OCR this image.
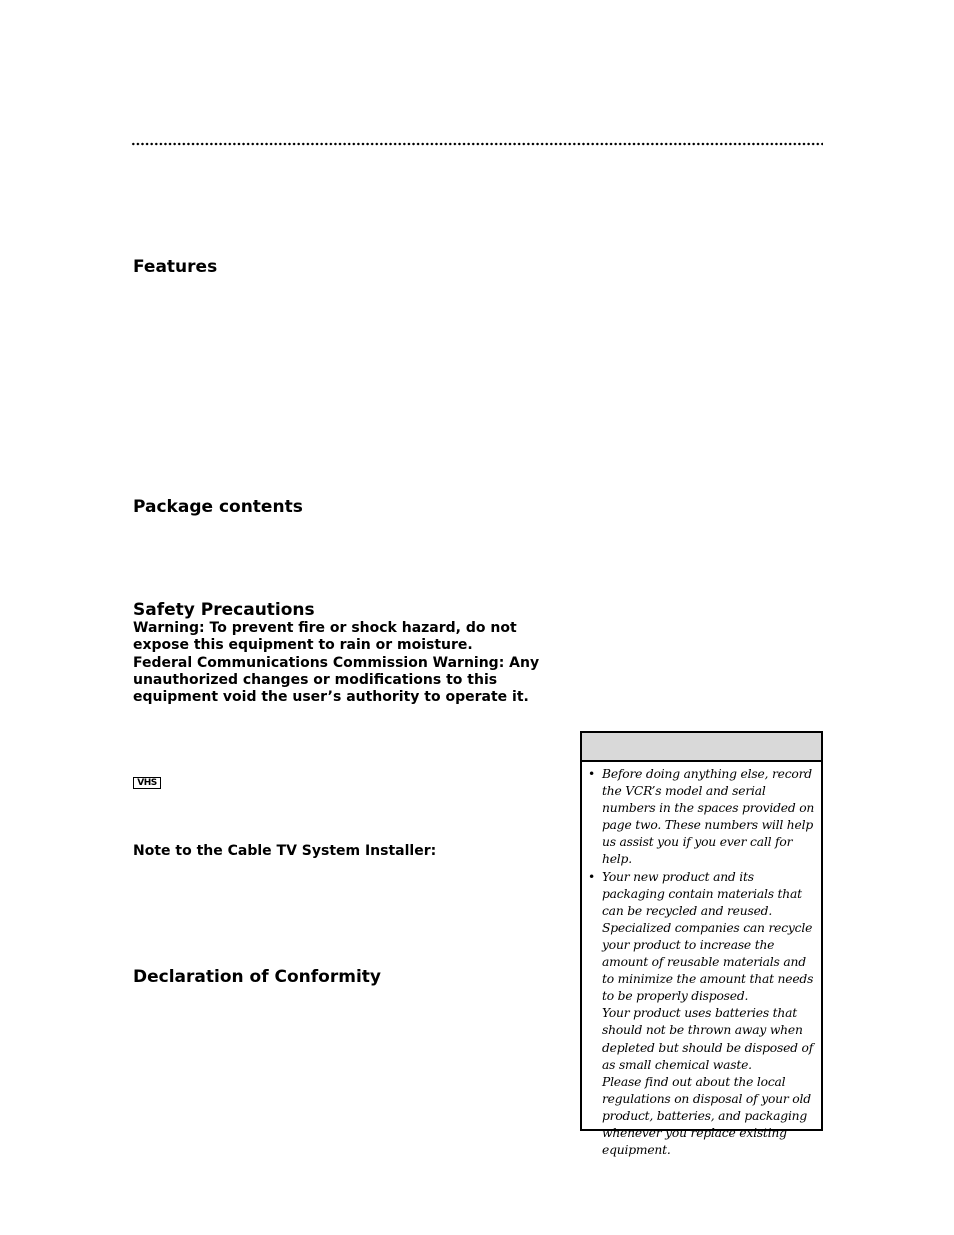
Features
Package contents
Safety Precautions

Warning: To prevent fire or shock hazard, do not expose this equipment to rain or moisture.

Federal Communications Commission Warning: Any unauthorized changes or modifications to this equipment void the user’s authority to operate it.

VHS
Note to the Cable TV System Installer:
Declaration of Conformity
• Before doing anything else, record the VCR’s model and serial numbers in the spaces provided on page two. These numbers will help us assist you if you ever call for help.

• Your new product and its packaging contain materials that can be recycled and reused. Specialized companies can recycle your product to increase the amount of reusable materials and to minimize the amount that needs to be properly disposed.

Your product uses batteries that should not be thrown away when depleted but should be disposed of as small chemical waste.

Please find out about the local regulations on disposal of your old product, batteries, and packaging whenever you replace existing equipment.
